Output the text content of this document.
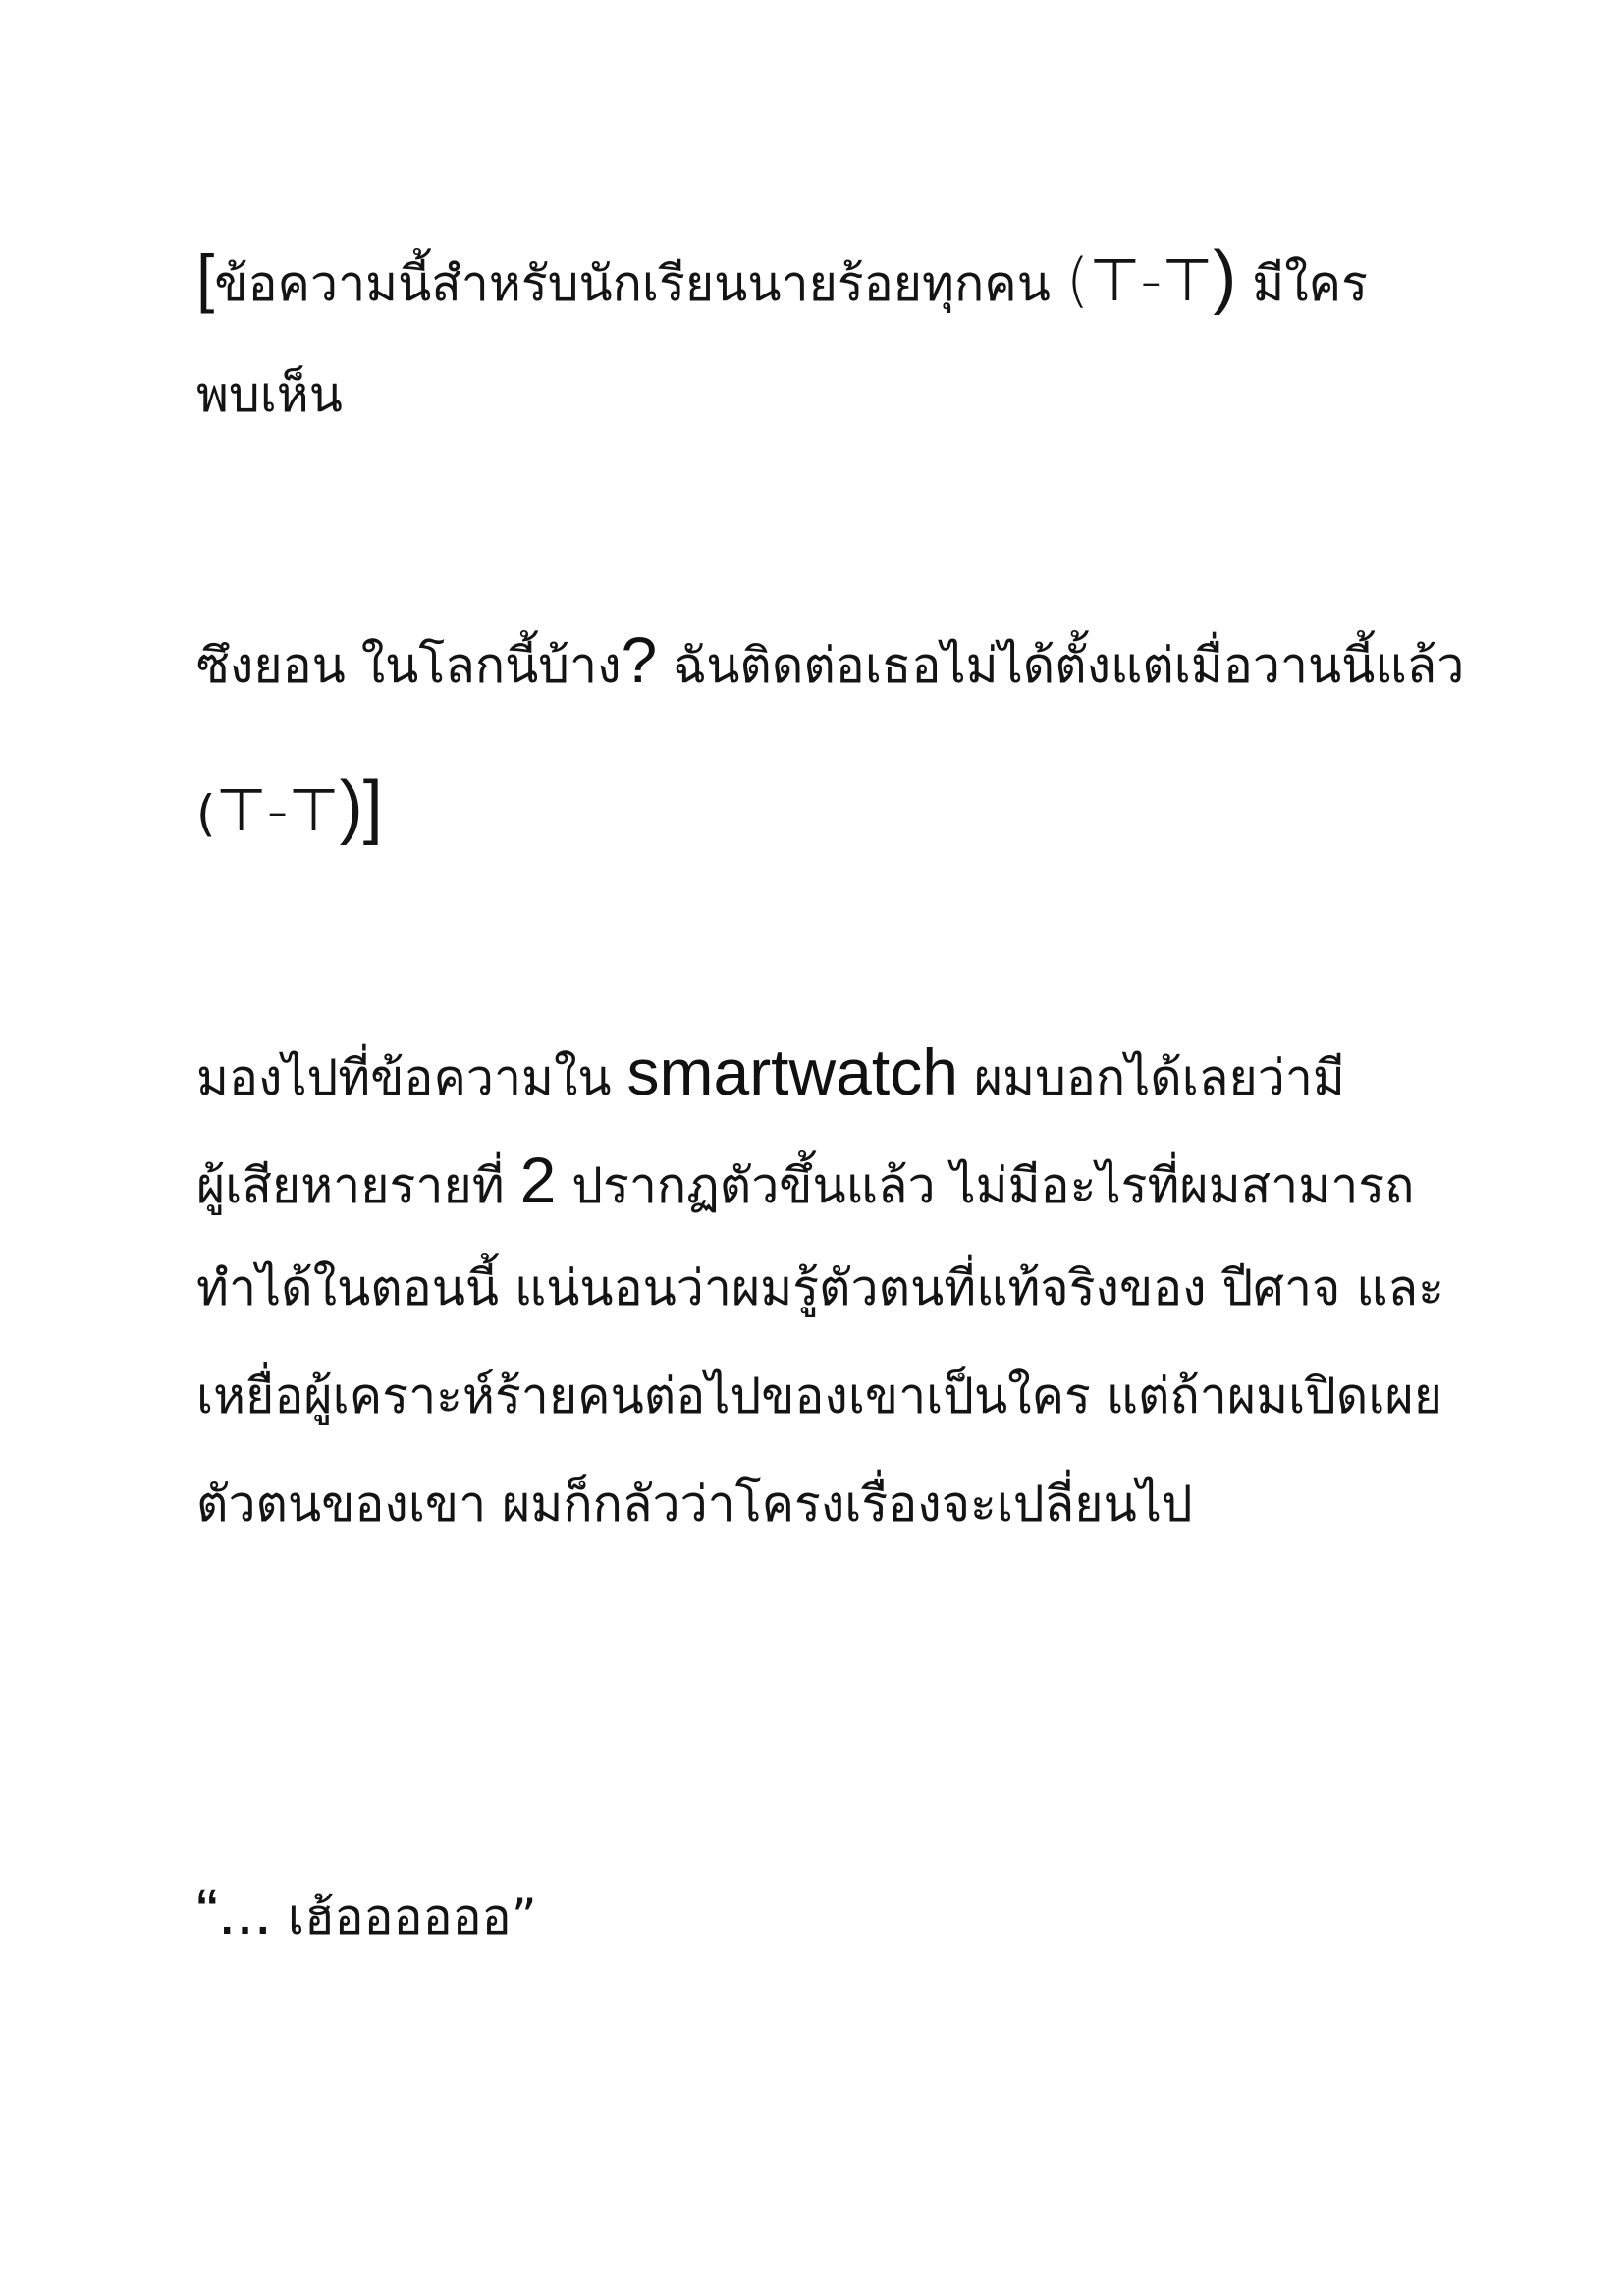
[ข้อความนี้สำหรับนักเรียนนายร้อยทุกคน (⊤-⊤) มีใคร
พบเห็น
ซึงยอน ในโลกนี้บ้าง? ฉันติดต่อเธอไม่ได้ตั้งแต่เมื่อวานนี้แล้ว
(⊤-⊤)]
มองไปที่ข้อความใน smartwatch ผมบอกได้เลยว่ามี
ผู้เสียหายรายที่ 2 ปรากฏตัวขึ้นแล้ว ไม่มีอะไรที่ผมสามารถ
ทำได้ในตอนนี้ แน่นอนว่าผมรู้ตัวตนที่แท้จริงของ ปีศาจ และ
เหยื่อผู้เคราะห์ร้ายคนต่อไปของเขาเป็นใคร แต่ถ้าผมเปิดเผย
ตัวตนของเขา ผมก็กลัวว่าโครงเรื่องจะเปลี่ยนไป
“... เฮ้ออออออ”
